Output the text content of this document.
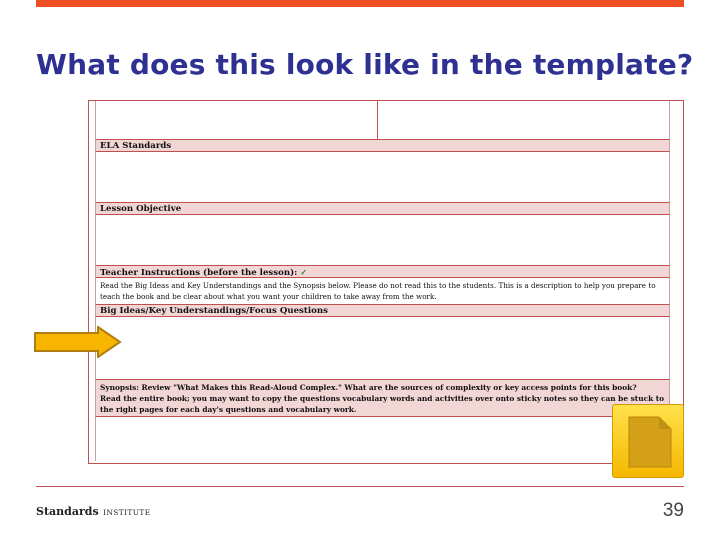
What does this look like in the template?
ELA Standards
Lesson Objective
Teacher Instructions (before the lesson): ✓

Read the Big Ideas and Key Understandings and the Synopsis below. Please do not read this to the students. This is a description to help you prepare to

teach the book and be clear about what you want your children to take away from the work.

Big Ideas/Key Understandings/Focus Questions

Synopsis: Review "What Makes this Read-Aloud Complex." What are the sources of complexity or key access points for this book?

Read the entire book; you may want to copy the questions vocabulary words and activities over onto sticky notes so they can be stuck to

the right pages for each day's questions and vocabulary work.

Standards INSTITUTE	39
